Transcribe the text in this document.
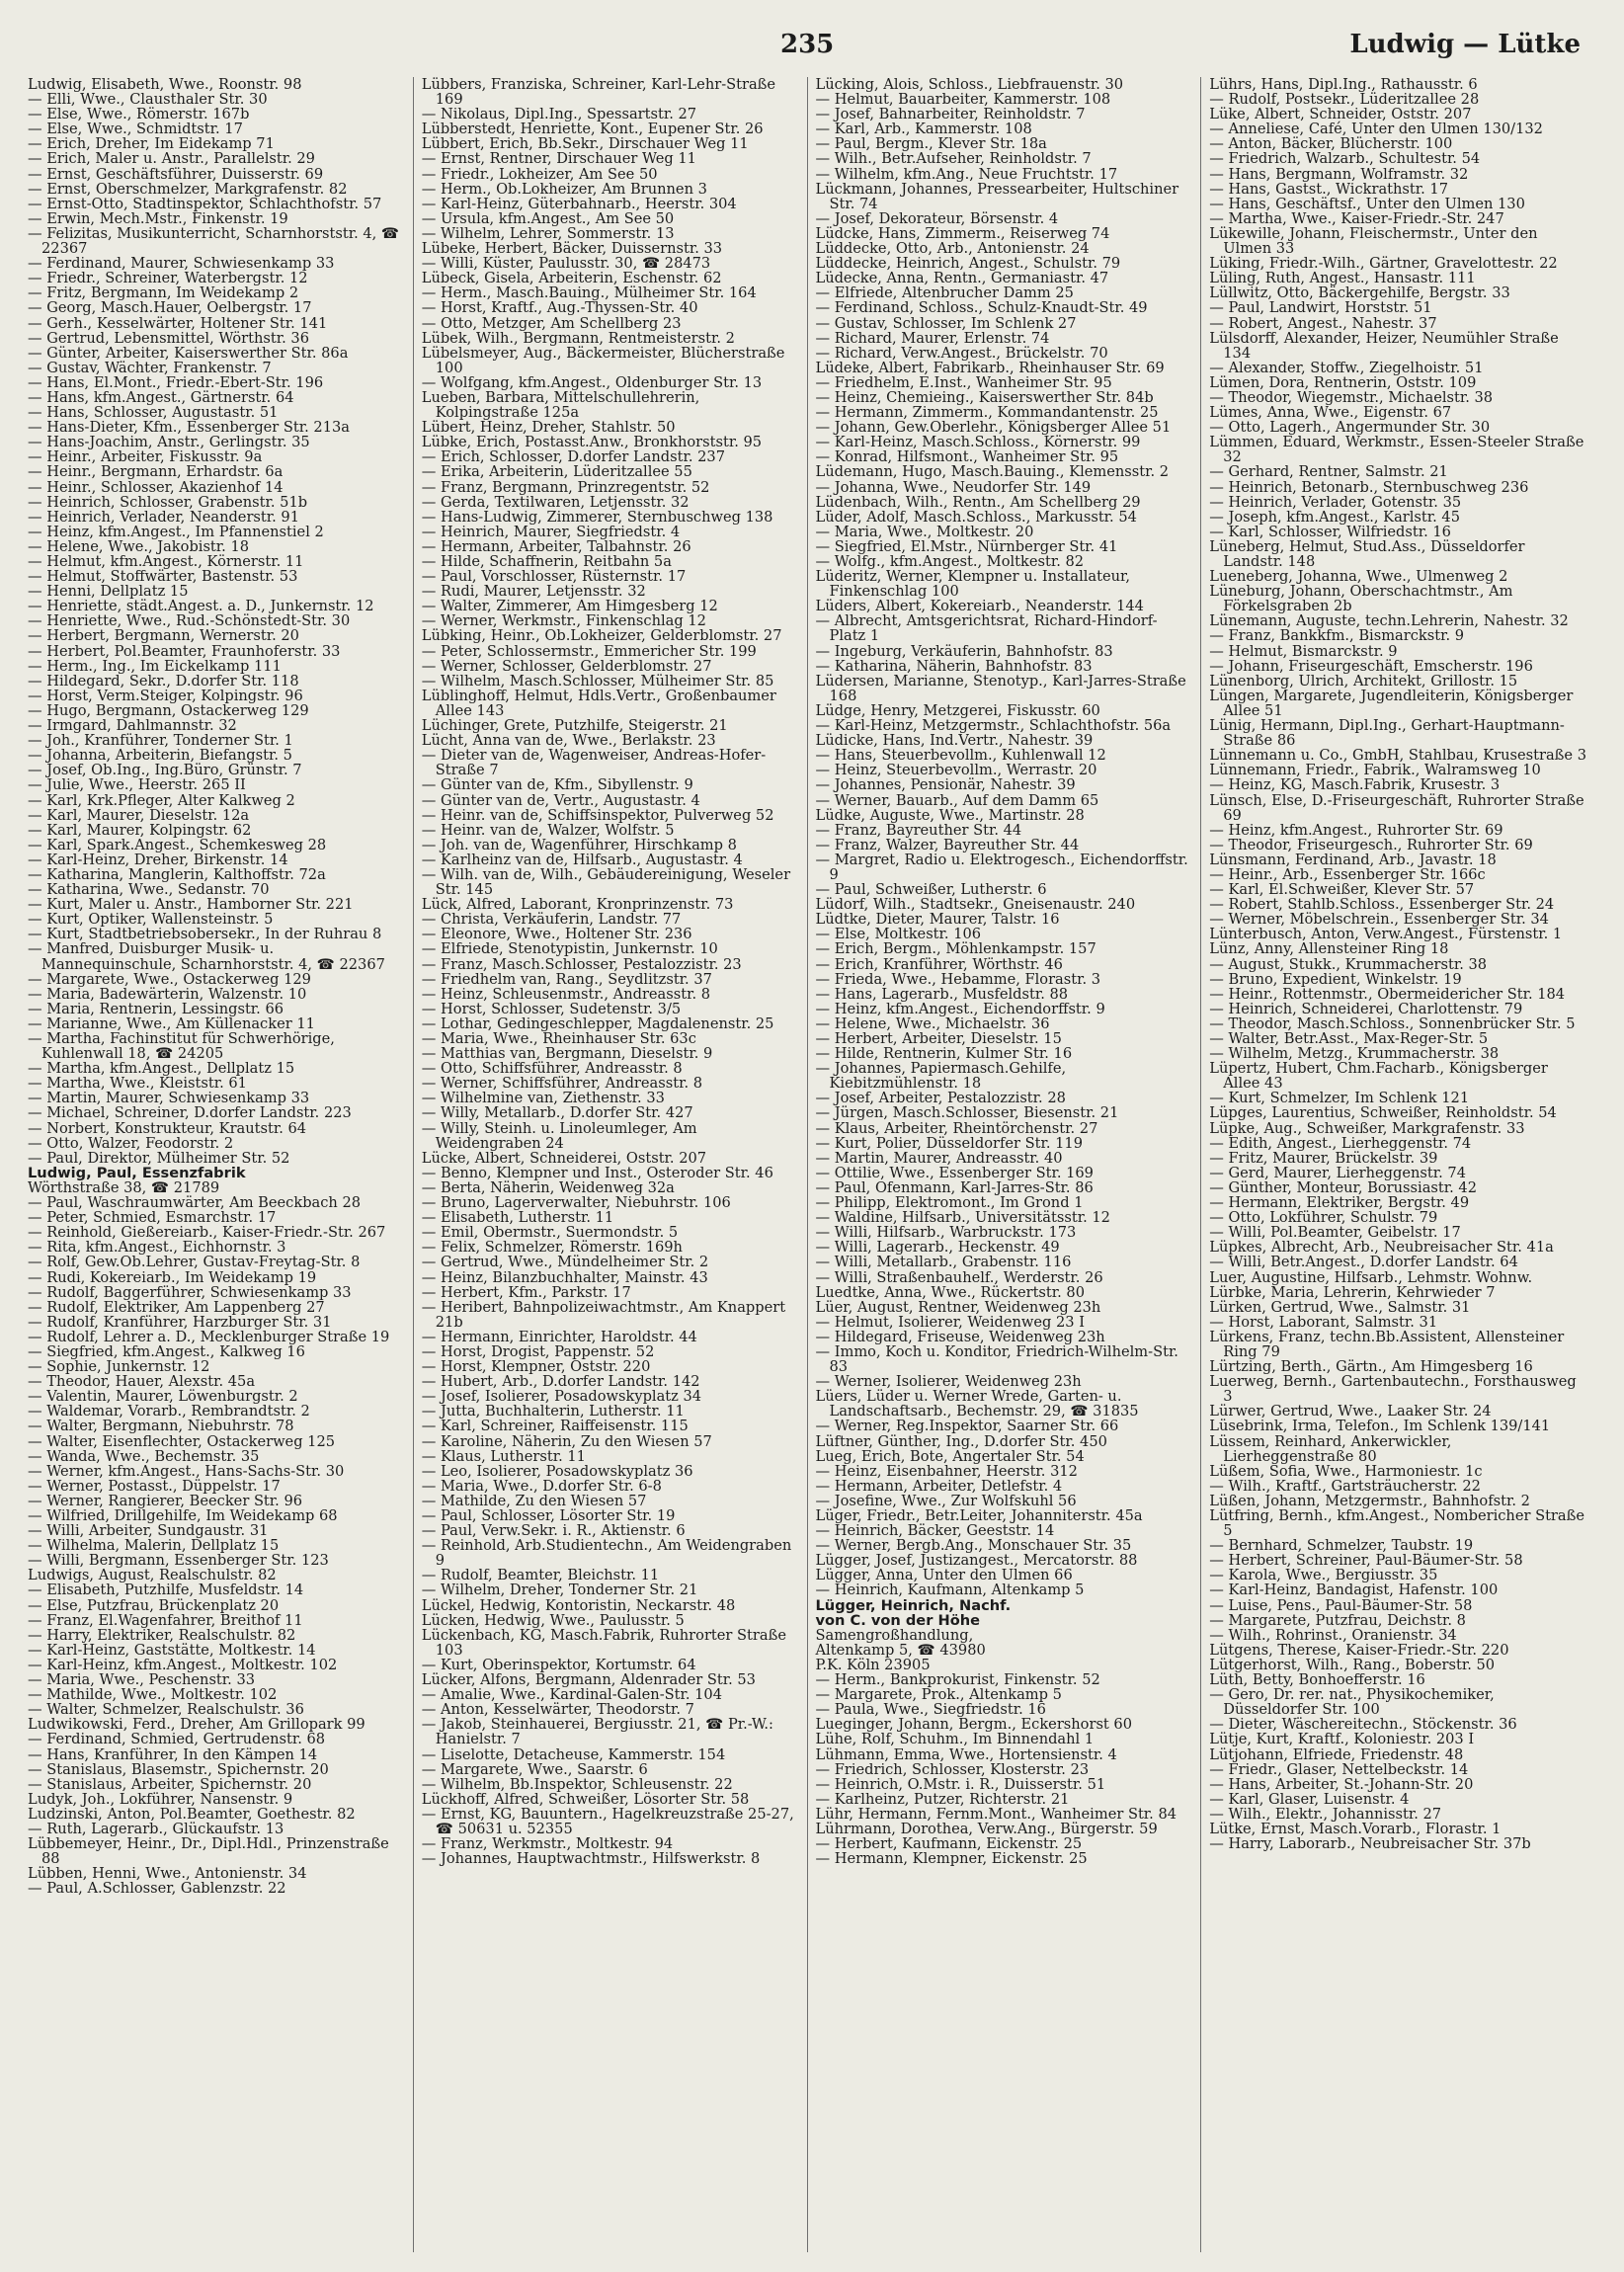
235	Ludwig — Lütke
Ludwig, Elisabeth, Wwe., Roonstr. 98
— Elli, Wwe., Clausthaler Str. 30
— Else, Wwe., Römerstr. 167b
— Else, Wwe., Schmidtstr. 17
— Erich, Dreher, Im Eidekamp 71
— Erich, Maler u. Anstr., Parallelstr. 29
— Ernst, Geschäftsführer, Duisserstr. 69
— Ernst, Oberschmelzer, Markgrafenstr. 82
— Ernst-Otto, Stadtinspektor, Schlachthofstr. 57
— Erwin, Mech.Mstr., Finkenstr. 19
— Felizitas, Musikunterricht, Scharnhorststr. 4, ☎ 22367
— Ferdinand, Maurer, Schwiesenkamp 33
— Friedr., Schreiner, Waterbergstr. 12
— Fritz, Bergmann, Im Weidekamp 2
— Georg, Masch.Hauer, Oelbergstr. 17
— Gerh., Kesselwärter, Holtener Str. 141
— Gertrud, Lebensmittel, Wörthstr. 36
— Günter, Arbeiter, Kaiserswerther Str. 86a
— Gustav, Wächter, Frankenstr. 7
— Hans, El.Mont., Friedr.-Ebert-Str. 196
— Hans, kfm.Angest., Gärtnerstr. 64
— Hans, Schlosser, Augustastr. 51
— Hans-Dieter, Kfm., Essenberger Str. 213a
— Hans-Joachim, Anstr., Gerlingstr. 35
— Heinr., Arbeiter, Fiskusstr. 9a
— Heinr., Bergmann, Erhardstr. 6a
— Heinr., Schlosser, Akazienhof 14
— Heinrich, Schlosser, Grabenstr. 51b
— Heinrich, Verlader, Neanderstr. 91
— Heinz, kfm.Angest., Im Pfannenstiel 2
— Helene, Wwe., Jakobistr. 18
— Helmut, kfm.Angest., Körnerstr. 11
— Helmut, Stoffwärter, Bastenstr. 53
— Henni, Dellplatz 15
— Henriette, städt.Angest. a. D., Junkernstr. 12
— Henriette, Wwe., Rud.-Schönstedt-Str. 30
— Herbert, Bergmann, Wernerstr. 20
— Herbert, Pol.Beamter, Fraunhoferstr. 33
— Herm., Ing., Im Eickelkamp 111
— Hildegard, Sekr., D.dorfer Str. 118
— Horst, Verm.Steiger, Kolpingstr. 96
— Hugo, Bergmann, Ostackerweg 129
— Irmgard, Dahlmannstr. 32
— Joh., Kranführer, Tonderner Str. 1
— Johanna, Arbeiterin, Biefangstr. 5
— Josef, Ob.Ing., Ing.Büro, Grünstr. 7
— Julie, Wwe., Heerstr. 265 II
— Karl, Krk.Pfleger, Alter Kalkweg 2
— Karl, Maurer, Dieselstr. 12a
— Karl, Maurer, Kolpingstr. 62
— Karl, Spark.Angest., Schemkesweg 28
— Karl-Heinz, Dreher, Birkenstr. 14
— Katharina, Manglerin, Kalthoffstr. 72a
— Katharina, Wwe., Sedanstr. 70
— Kurt, Maler u. Anstr., Hamborner Str. 221
— Kurt, Optiker, Wallensteinstr. 5
— Kurt, Stadtbetriebsobersekr., In der Ruhrau 8
— Manfred, Duisburger Musik- u. Mannequinschule, Scharnhorststr. 4, ☎ 22367
— Margarete, Wwe., Ostackerweg 129
— Maria, Badewärterin, Walzenstr. 10
— Maria, Rentnerin, Lessingstr. 66
— Marianne, Wwe., Am Küllenacker 11
— Martha, Fachinstitut für Schwerhörige, Kuhlenwall 18, ☎ 24205
— Martha, kfm.Angest., Dellplatz 15
— Martha, Wwe., Kleiststr. 61
— Martin, Maurer, Schwiesenkamp 33
— Michael, Schreiner, D.dorfer Landstr. 223
— Norbert, Konstrukteur, Krautstr. 64
— Otto, Walzer, Feodorstr. 2
— Paul, Direktor, Mülheimer Str. 52
Ludwig, Paul, Essenzfabrik
Wörthstraße 38, ☎ 21789
— Paul, Waschraumwärter, Am Beeckbach 28
— Peter, Schmied, Esmarchstr. 17
— Reinhold, Gießereiarb., Kaiser-Friedr.-Str. 267
— Rita, kfm.Angest., Eichhornstr. 3
— Rolf, Gew.Ob.Lehrer, Gustav-Freytag-Str. 8
— Rudi, Kokereiarb., Im Weidekamp 19
— Rudolf, Baggerführer, Schwiesenkamp 33
— Rudolf, Elektriker, Am Lappenberg 27
— Rudolf, Kranführer, Harzburger Str. 31
— Rudolf, Lehrer a. D., Mecklenburger Straße 19
— Siegfried, kfm.Angest., Kalkweg 16
— Sophie, Junkernstr. 12
— Theodor, Hauer, Alexstr. 45a
— Valentin, Maurer, Löwenburgstr. 2
— Waldemar, Vorarb., Rembrandtstr. 2
— Walter, Bergmann, Niebuhrstr. 78
— Walter, Eisenflechter, Ostackerweg 125
— Wanda, Wwe., Bechemstr. 35
— Werner, kfm.Angest., Hans-Sachs-Str. 30
— Werner, Postasst., Düppelstr. 17
— Werner, Rangierer, Beecker Str. 96
— Wilfried, Drillgehilfe, Im Weidekamp 68
— Willi, Arbeiter, Sundgaustr. 31
— Wilhelma, Malerin, Dellplatz 15
— Willi, Bergmann, Essenberger Str. 123
Ludwigs, August, Realschulstr. 82
— Elisabeth, Putzhilfe, Musfeldstr. 14
— Else, Putzfrau, Brückenplatz 20
— Franz, El.Wagenfahrer, Breithof 11
— Harry, Elektriker, Realschulstr. 82
— Karl-Heinz, Gaststätte, Moltkestr. 14
— Karl-Heinz, kfm.Angest., Moltkestr. 102
— Maria, Wwe., Peschenstr. 33
— Mathilde, Wwe., Moltkestr. 102
— Walter, Schmelzer, Realschulstr. 36
Ludwikowski, Ferd., Dreher, Am Grillopark 99
— Ferdinand, Schmied, Gertrudenstr. 68
— Hans, Kranführer, In den Kämpen 14
— Stanislaus, Blasemstr., Spichernstr. 20
— Stanislaus, Arbeiter, Spichernstr. 20
Ludyk, Joh., Lokführer, Nansenstr. 9
Ludzinski, Anton, Pol.Beamter, Goethestr. 82
— Ruth, Lagerarb., Glückaufstr. 13
Lübbemeyer, Heinr., Dr., Dipl.Hdl., Prinzenstraße 88
Lübben, Henni, Wwe., Antonienstr. 34
— Paul, A.Schlosser, Gablenzstr. 22
Lübbers, Franziska, Schreiner, Karl-Lehr-Straße 169
— Nikolaus, Dipl.Ing., Spessartstr. 27
Lübberstedt, Henriette, Kont., Eupener Str. 26
Lübbert, Erich, Bb.Sekr., Dirschauer Weg 11
— Ernst, Rentner, Dirschauer Weg 11
— Friedr., Lokheizer, Am See 50
— Herm., Ob.Lokheizer, Am Brunnen 3
— Karl-Heinz, Güterbahnarb., Heerstr. 304
— Ursula, kfm.Angest., Am See 50
— Wilhelm, Lehrer, Sommerstr. 13
Lübeke, Herbert, Bäcker, Duissernstr. 33
— Willi, Küster, Paulusstr. 30, ☎ 28473
Lübeck, Gisela, Arbeiterin, Eschenstr. 62
— Herm., Masch.Bauing., Mülheimer Str. 164
— Horst, Kraftf., Aug.-Thyssen-Str. 40
— Otto, Metzger, Am Schellberg 23
Lübek, Wilh., Bergmann, Rentmeisterstr. 2
Lübelsmeyer, Aug., Bäckermeister, Blücherstraße 100
— Wolfgang, kfm.Angest., Oldenburger Str. 13
Lueben, Barbara, Mittelschullehrerin, Kolpingstraße 125a
Lübert, Heinz, Dreher, Stahlstr. 50
Lübke, Erich, Postasst.Anw., Bronkhorststr. 95
— Erich, Schlosser, D.dorfer Landstr. 237
— Erika, Arbeiterin, Lüderitzallee 55
— Franz, Bergmann, Prinzregentstr. 52
— Gerda, Textilwaren, Letjensstr. 32
— Hans-Ludwig, Zimmerer, Sternbuschweg 138
— Heinrich, Maurer, Siegfriedstr. 4
— Hermann, Arbeiter, Talbahnstr. 26
— Hilde, Schaffnerin, Reitbahn 5a
— Paul, Vorschlosser, Rüsternstr. 17
— Rudi, Maurer, Letjensstr. 32
— Walter, Zimmerer, Am Himgesberg 12
— Werner, Werkmstr., Finkenschlag 12
Lübking, Heinr., Ob.Lokheizer, Gelderblomstr. 27
— Peter, Schlossermstr., Emmericher Str. 199
— Werner, Schlosser, Gelderblomstr. 27
— Wilhelm, Masch.Schlosser, Mülheimer Str. 85
Lüblinghoff, Helmut, Hdls.Vertr., Großenbaumer Allee 143
Lüchinger, Grete, Putzhilfe, Steigerstr. 21
Lücht, Anna van de, Wwe., Berlakstr. 23
— Dieter van de, Wagenweiser, Andreas-Hofer-Straße 7
— Günter van de, Kfm., Sibyllenstr. 9
— Günter van de, Vertr., Augustastr. 4
— Heinr. van de, Schiffsinspektor, Pulverweg 52
— Heinr. van de, Walzer, Wolfstr. 5
— Joh. van de, Wagenführer, Hirschkamp 8
— Karlheinz van de, Hilfsarb., Augustastr. 4
— Wilh. van de, Wilh., Gebäudereinigung, Weseler Str. 145
Lück, Alfred, Laborant, Kronprinzenstr. 73
— Christa, Verkäuferin, Landstr. 77
— Eleonore, Wwe., Holtener Str. 236
— Elfriede, Stenotypistin, Junkernstr. 10
— Franz, Masch.Schlosser, Pestalozzistr. 23
— Friedhelm van, Rang., Seydlitzstr. 37
— Heinz, Schleusenmstr., Andreasstr. 8
— Horst, Schlosser, Sudetenstr. 3/5
— Lothar, Gedingeschlepper, Magdalenenstr. 25
— Maria, Wwe., Rheinhauser Str. 63c
— Matthias van, Bergmann, Dieselstr. 9
— Otto, Schiffsführer, Andreasstr. 8
— Werner, Schiffsführer, Andreasstr. 8
— Wilhelmine van, Ziethenstr. 33
— Willy, Metallarb., D.dorfer Str. 427
— Willy, Steinh. u. Linoleumleger, Am Weidengraben 24
Lücke, Albert, Schneiderei, Oststr. 207
— Benno, Klempner und Inst., Osteroder Str. 46
— Berta, Näherin, Weidenweg 32a
— Bruno, Lagerverwalter, Niebuhrstr. 106
— Elisabeth, Lutherstr. 11
— Emil, Obermstr., Suermondstr. 5
— Felix, Schmelzer, Römerstr. 169h
— Gertrud, Wwe., Mündelheimer Str. 2
— Heinz, Bilanzbuchhalter, Mainstr. 43
— Herbert, Kfm., Parkstr. 17
— Heribert, Bahnpolizeiwachtmstr., Am Knappert 21b
— Hermann, Einrichter, Haroldstr. 44
— Horst, Drogist, Pappenstr. 52
— Horst, Klempner, Oststr. 220
— Hubert, Arb., D.dorfer Landstr. 142
— Josef, Isolierer, Posadowskyplatz 34
— Jutta, Buchhalterin, Lutherstr. 11
— Karl, Schreiner, Raiffeisenstr. 115
— Karoline, Näherin, Zu den Wiesen 57
— Klaus, Lutherstr. 11
— Leo, Isolierer, Posadowskyplatz 36
— Maria, Wwe., D.dorfer Str. 6-8
— Mathilde, Zu den Wiesen 57
— Paul, Schlosser, Lösorter Str. 19
— Paul, Verw.Sekr. i. R., Aktienstr. 6
— Reinhold, Arb.Studientechn., Am Weidengraben 9
— Rudolf, Beamter, Bleichstr. 11
— Wilhelm, Dreher, Tonderner Str. 21
Lückel, Hedwig, Kontoristin, Neckarstr. 48
Lücken, Hedwig, Wwe., Paulusstr. 5
Lückenbach, KG, Masch.Fabrik, Ruhrorter Straße 103
— Kurt, Oberinspektor, Kortumstr. 64
Lücker, Alfons, Bergmann, Aldenrader Str. 53
— Amalie, Wwe., Kardinal-Galen-Str. 104
— Anton, Kesselwärter, Theodorstr. 7
— Jakob, Steinhauerei, Bergiusstr. 21, ☎ Pr.-W.: Hanielstr. 7
— Liselotte, Detacheuse, Kammerstr. 154
— Margarete, Wwe., Saarstr. 6
— Wilhelm, Bb.Inspektor, Schleusenstr. 22
Lückhoff, Alfred, Schweißer, Lösorter Str. 58
— Ernst, KG, Bauuntern., Hagelkreuzstraße 25-27, ☎ 50631 u. 52355
— Franz, Werkmstr., Moltkestr. 94
— Johannes, Hauptwachtmstr., Hilfswerkstr. 8
Lücking, Alois, Schloss., Liebfrauenstr. 30
— Helmut, Bauarbeiter, Kammerstr. 108
— Josef, Bahnarbeiter, Reinholdstr. 7
— Karl, Arb., Kammerstr. 108
— Paul, Bergm., Klever Str. 18a
— Wilh., Betr.Aufseher, Reinholdstr. 7
— Wilhelm, kfm.Ang., Neue Fruchtstr. 17
Lückmann, Johannes, Pressearbeiter, Hultschiner Str. 74
— Josef, Dekorateur, Börsenstr. 4
Lüdcke, Hans, Zimmerm., Reiserweg 74
Lüddecke, Otto, Arb., Antonienstr. 24
Lüddecke, Heinrich, Angest., Schulstr. 79
Lüdecke, Anna, Rentn., Germaniastr. 47
— Elfriede, Altenbrucher Damm 25
— Ferdinand, Schloss., Schulz-Knaudt-Str. 49
— Gustav, Schlosser, Im Schlenk 27
— Richard, Maurer, Erlenstr. 74
— Richard, Verw.Angest., Brückelstr. 70
Lüdeke, Albert, Fabrikarb., Rheinhauser Str. 69
— Friedhelm, E.Inst., Wanheimer Str. 95
— Heinz, Chemieing., Kaiserswerther Str. 84b
— Hermann, Zimmerm., Kommandantenstr. 25
— Johann, Gew.Oberlehr., Königsberger Allee 51
— Karl-Heinz, Masch.Schloss., Körnerstr. 99
— Konrad, Hilfsmont., Wanheimer Str. 95
Lüdemann, Hugo, Masch.Bauing., Klemensstr. 2
— Johanna, Wwe., Neudorfer Str. 149
Lüdenbach, Wilh., Rentn., Am Schellberg 29
Lüder, Adolf, Masch.Schloss., Markusstr. 54
— Maria, Wwe., Moltkestr. 20
— Siegfried, El.Mstr., Nürnberger Str. 41
— Wolfg., kfm.Angest., Moltkestr. 82
Lüderitz, Werner, Klempner u. Installateur, Finkenschlag 100
Lüders, Albert, Kokereiarb., Neanderstr. 144
— Albrecht, Amtsgerichtsrat, Richard-Hindorf-Platz 1
— Ingeburg, Verkäuferin, Bahnhofstr. 83
— Katharina, Näherin, Bahnhofstr. 83
Lüdersen, Marianne, Stenotyp., Karl-Jarres-Straße 168
Lüdge, Henry, Metzgerei, Fiskusstr. 60
— Karl-Heinz, Metzgermstr., Schlachthofstr. 56a
Lüdicke, Hans, Ind.Vertr., Nahestr. 39
— Hans, Steuerbevollm., Kuhlenwall 12
— Heinz, Steuerbevollm., Werrastr. 20
— Johannes, Pensionär, Nahestr. 39
— Werner, Bauarb., Auf dem Damm 65
Lüdke, Auguste, Wwe., Martinstr. 28
— Franz, Bayreuther Str. 44
— Franz, Walzer, Bayreuther Str. 44
— Margret, Radio u. Elektrogesch., Eichendorffstr. 9
— Paul, Schweißer, Lutherstr. 6
Lüdorf, Wilh., Stadtsekr., Gneisenaustr. 240
Lüdtke, Dieter, Maurer, Talstr. 16
— Else, Moltkestr. 106
— Erich, Bergm., Möhlenkampstr. 157
— Erich, Kranführer, Wörthstr. 46
— Frieda, Wwe., Hebamme, Florastr. 3
— Hans, Lagerarb., Musfeldstr. 88
— Heinz, kfm.Angest., Eichendorffstr. 9
— Helene, Wwe., Michaelstr. 36
— Herbert, Arbeiter, Dieselstr. 15
— Hilde, Rentnerin, Kulmer Str. 16
— Johannes, Papiermasch.Gehilfe, Kiebitzmühlenstr. 18
— Josef, Arbeiter, Pestalozzistr. 28
— Jürgen, Masch.Schlosser, Biesenstr. 21
— Klaus, Arbeiter, Rheintörchenstr. 27
— Kurt, Polier, Düsseldorfer Str. 119
— Martin, Maurer, Andreasstr. 40
— Ottilie, Wwe., Essenberger Str. 169
— Paul, Ofenmann, Karl-Jarres-Str. 86
— Philipp, Elektromont., Im Grond 1
— Waldine, Hilfsarb., Universitätsstr. 12
— Willi, Hilfsarb., Warbruckstr. 173
— Willi, Lagerarb., Heckenstr. 49
— Willi, Metallarb., Grabenstr. 116
— Willi, Straßenbauhelf., Werderstr. 26
Luedtke, Anna, Wwe., Rückertstr. 80
Lüer, August, Rentner, Weidenweg 23h
— Helmut, Isolierer, Weidenweg 23 I
— Hildegard, Friseuse, Weidenweg 23h
— Immo, Koch u. Konditor, Friedrich-Wilhelm-Str. 83
— Werner, Isolierer, Weidenweg 23h
Lüers, Lüder u. Werner Wrede, Garten- u. Landschaftsarb., Bechemstr. 29, ☎ 31835
— Werner, Reg.Inspektor, Saarner Str. 66
Lüftner, Günther, Ing., D.dorfer Str. 450
Lueg, Erich, Bote, Angertaler Str. 54
— Heinz, Eisenbahner, Heerstr. 312
— Hermann, Arbeiter, Detlefstr. 4
— Josefine, Wwe., Zur Wolfskuhl 56
Lüger, Friedr., Betr.Leiter, Johanniterstr. 45a
— Heinrich, Bäcker, Geeststr. 14
— Werner, Bergb.Ang., Monschauer Str. 35
Lügger, Josef, Justizangest., Mercatorstr. 88
Lügger, Anna, Unter den Ulmen 66
— Heinrich, Kaufmann, Altenkamp 5
Lügger, Heinrich, Nachf.
von C. von der Höhe
Samengroßhandlung,
Altenkamp 5, ☎ 43980
P.K. Köln 23905
— Herm., Bankprokurist, Finkenstr. 52
— Margarete, Prok., Altenkamp 5
— Paula, Wwe., Siegfriedstr. 16
Lueginger, Johann, Bergm., Eckershorst 60
Lühe, Rolf, Schuhm., Im Binnendahl 1
Lühmann, Emma, Wwe., Hortensienstr. 4
— Friedrich, Schlosser, Klosterstr. 23
— Heinrich, O.Mstr. i. R., Duisserstr. 51
— Karlheinz, Putzer, Richterstr. 21
Lühr, Hermann, Fernm.Mont., Wanheimer Str. 84
Lührmann, Dorothea, Verw.Ang., Bürgerstr. 59
— Herbert, Kaufmann, Eickenstr. 25
— Hermann, Klempner, Eickenstr. 25
Lührs, Hans, Dipl.Ing., Rathausstr. 6
— Rudolf, Postsekr., Lüderitzallee 28
Lüke, Albert, Schneider, Oststr. 207
— Anneliese, Café, Unter den Ulmen 130/132
— Anton, Bäcker, Blücherstr. 100
— Friedrich, Walzarb., Schultestr. 54
— Hans, Bergmann, Wolframstr. 32
— Hans, Gastst., Wickrathstr. 17
— Hans, Geschäftsf., Unter den Ulmen 130
— Martha, Wwe., Kaiser-Friedr.-Str. 247
Lükewille, Johann, Fleischermstr., Unter den Ulmen 33
Lüking, Friedr.-Wilh., Gärtner, Gravelottestr. 22
Lüling, Ruth, Angest., Hansastr. 111
Lüllwitz, Otto, Bäckergehilfe, Bergstr. 33
— Paul, Landwirt, Horststr. 51
— Robert, Angest., Nahestr. 37
Lülsdorff, Alexander, Heizer, Neumühler Straße 134
— Alexander, Stoffw., Ziegelhoistr. 51
Lümen, Dora, Rentnerin, Oststr. 109
— Theodor, Wiegemstr., Michaelstr. 38
Lümes, Anna, Wwe., Eigenstr. 67
— Otto, Lagerh., Angermunder Str. 30
Lümmen, Eduard, Werkmstr., Essen-Steeler Straße 32
— Gerhard, Rentner, Salmstr. 21
— Heinrich, Betonarb., Sternbuschweg 236
— Heinrich, Verlader, Gotenstr. 35
— Joseph, kfm.Angest., Karlstr. 45
— Karl, Schlosser, Wilfriedstr. 16
Lüneberg, Helmut, Stud.Ass., Düsseldorfer Landstr. 148
Lueneberg, Johanna, Wwe., Ulmenweg 2
Lüneburg, Johann, Oberschachtmstr., Am Förkelsgraben 2b
Lünemann, Auguste, techn.Lehrerin, Nahestr. 32
— Franz, Bankkfm., Bismarckstr. 9
— Helmut, Bismarckstr. 9
— Johann, Friseurgeschäft, Emscherstr. 196
Lünenborg, Ulrich, Architekt, Grillostr. 15
Lüngen, Margarete, Jugendleiterin, Königsberger Allee 51
Lünig, Hermann, Dipl.Ing., Gerhart-Hauptmann-Straße 86
Lünnemann u. Co., GmbH, Stahlbau, Krusestraße 3
Lünnemann, Friedr., Fabrik., Walramsweg 10
— Heinz, KG, Masch.Fabrik, Krusestr. 3
Lünsch, Else, D.-Friseurgeschäft, Ruhrorter Straße 69
— Heinz, kfm.Angest., Ruhrorter Str. 69
— Theodor, Friseurgesch., Ruhrorter Str. 69
Lünsmann, Ferdinand, Arb., Javastr. 18
— Heinr., Arb., Essenberger Str. 166c
— Karl, El.Schweißer, Klever Str. 57
— Robert, Stahlb.Schloss., Essenberger Str. 24
— Werner, Möbelschrein., Essenberger Str. 34
Lünterbusch, Anton, Verw.Angest., Fürstenstr. 1
Lünz, Anny, Allensteiner Ring 18
— August, Stukk., Krummacherstr. 38
— Bruno, Expedient, Winkelstr. 19
— Heinr., Rottenmstr., Obermeidericher Str. 184
— Heinrich, Schneiderei, Charlottenstr. 79
— Theodor, Masch.Schloss., Sonnenbrücker Str. 5
— Walter, Betr.Asst., Max-Reger-Str. 5
— Wilhelm, Metzg., Krummacherstr. 38
Lüpertz, Hubert, Chm.Facharb., Königsberger Allee 43
— Kurt, Schmelzer, Im Schlenk 121
Lüpges, Laurentius, Schweißer, Reinholdstr. 54
Lüpke, Aug., Schweißer, Markgrafenstr. 33
— Edith, Angest., Lierheggenstr. 74
— Fritz, Maurer, Brückelstr. 39
— Gerd, Maurer, Lierheggenstr. 74
— Günther, Monteur, Borussiastr. 42
— Hermann, Elektriker, Bergstr. 49
— Otto, Lokführer, Schulstr. 79
— Willi, Pol.Beamter, Geibelstr. 17
Lüpkes, Albrecht, Arb., Neubreisacher Str. 41a
— Willi, Betr.Angest., D.dorfer Landstr. 64
Luer, Augustine, Hilfsarb., Lehmstr. Wohnw.
Lürbke, Maria, Lehrerin, Kehrwieder 7
Lürken, Gertrud, Wwe., Salmstr. 31
— Horst, Laborant, Salmstr. 31
Lürkens, Franz, techn.Bb.Assistent, Allensteiner Ring 79
Lürtzing, Berth., Gärtn., Am Himgesberg 16
Luerweg, Bernh., Gartenbautechn., Forsthausweg 3
Lürwer, Gertrud, Wwe., Laaker Str. 24
Lüsebrink, Irma, Telefon., Im Schlenk 139/141
Lüssem, Reinhard, Ankerwickler, Lierheggenstraße 80
Lüßem, Sofia, Wwe., Harmoniestr. 1c
— Wilh., Kraftf., Gartsträucherstr. 22
Lüßen, Johann, Metzgermstr., Bahnhofstr. 2
Lütfring, Bernh., kfm.Angest., Nombericher Straße 5
— Bernhard, Schmelzer, Taubstr. 19
— Herbert, Schreiner, Paul-Bäumer-Str. 58
— Karola, Wwe., Bergiusstr. 35
— Karl-Heinz, Bandagist, Hafenstr. 100
— Luise, Pens., Paul-Bäumer-Str. 58
— Margarete, Putzfrau, Deichstr. 8
— Wilh., Rohrinst., Oranienstr. 34
Lütgens, Therese, Kaiser-Friedr.-Str. 220
Lütgerhorst, Wilh., Rang., Boberstr. 50
Lüth, Betty, Bonhoefferstr. 16
— Gero, Dr. rer. nat., Physikochemiker, Düsseldorfer Str. 100
— Dieter, Wäschereitechn., Stöckenstr. 36
Lütje, Kurt, Kraftf., Koloniestr. 203 I
Lütjohann, Elfriede, Friedenstr. 48
— Friedr., Glaser, Nettelbeckstr. 14
— Hans, Arbeiter, St.-Johann-Str. 20
— Karl, Glaser, Luisenstr. 4
— Wilh., Elektr., Johannisstr. 27
Lütke, Ernst, Masch.Vorarb., Florastr. 1
— Harry, Laborarb., Neubreisacher Str. 37b
